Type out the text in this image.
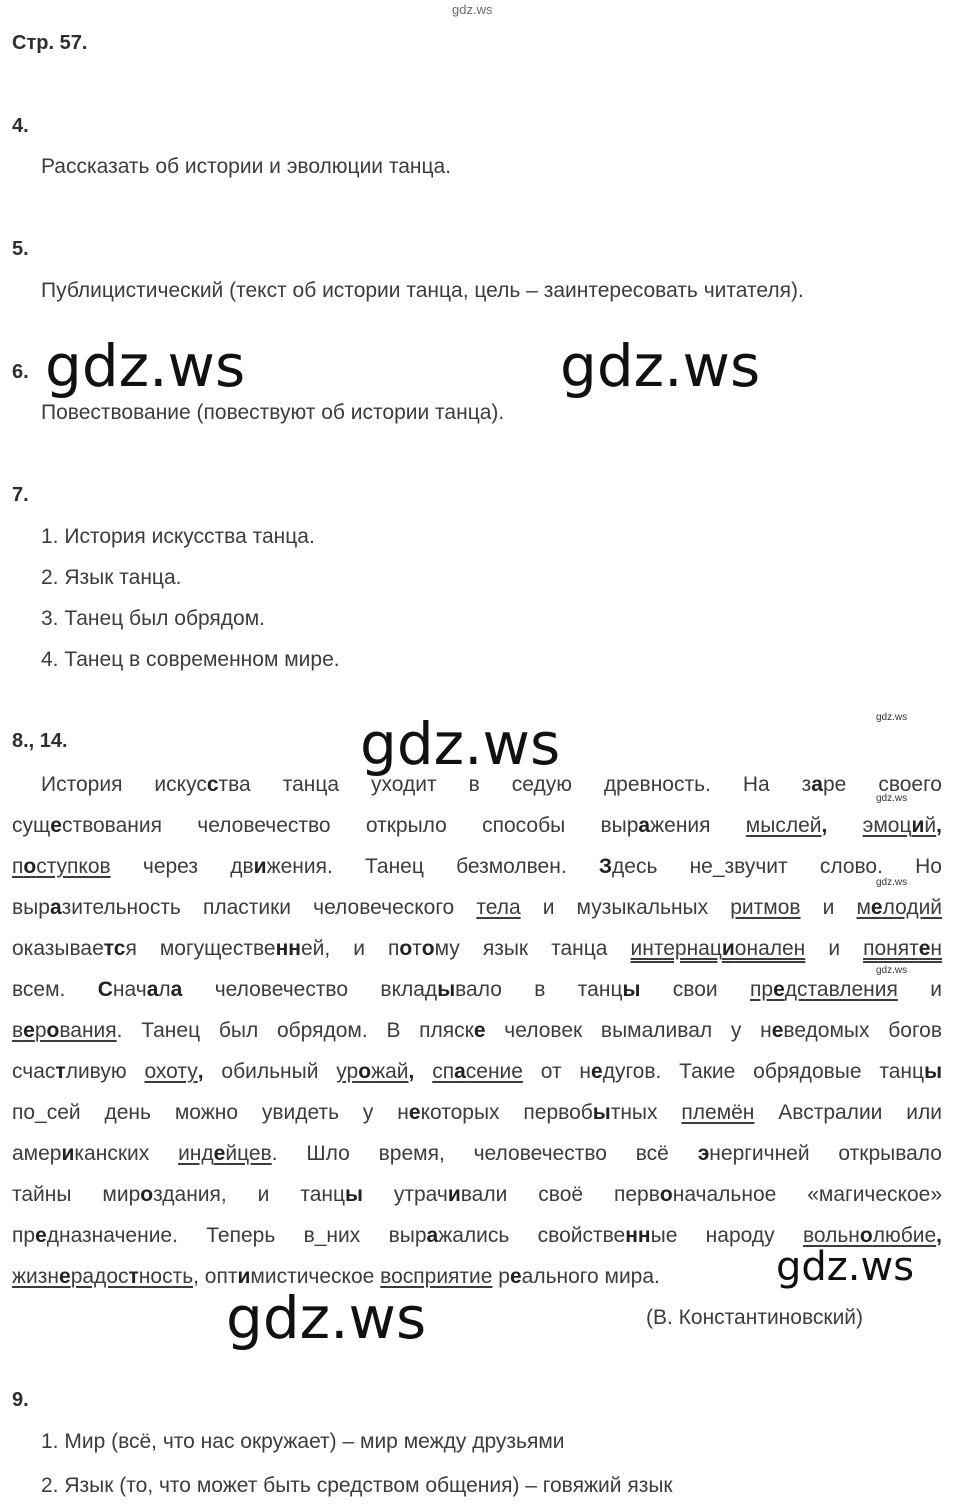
gdz.ws
Стр. 57.
4.
Рассказать об истории и эволюции танца.
5.
Публицистический (текст об истории танца, цель – заинтересовать читателя).
6.
Повествование (повествуют об истории танца).
7.
1. История искусства танца.
2. Язык танца.
3. Танец был обрядом.
4. Танец в современном мире.
8., 14.
История искусства танца уходит в седую древность. На заре своего
существования человечество открыло способы выражения мыслей, эмоций,
поступков через движения. Танец безмолвен. Здесь не_звучит слово. Но
выразительность пластики человеческого тела и музыкальных ритмов и мелодий
оказывается могущественней, и потому язык танца интернационален и понятен
всем. Сначала человечество вкладывало в танцы свои представления и
верования. Танец был обрядом. В пляске человек вымаливал у неведомых богов
счастливую охоту, обильный урожай, спасение от недугов. Такие обрядовые танцы
по_сей день можно увидеть у некоторых первобытных племён Австралии или
американских индейцев. Шло время, человечество всё энергичней открывало
тайны мироздания, и танцы утрачивали своё первоначальное «магическое»
предназначение. Теперь в_них выражались свойственные народу вольнолюбие,
жизнерадостность, оптимистическое восприятие реального мира.
(В. Константиновский)
9.
1. Мир (всё, что нас окружает) – мир между друзьями
2. Язык (то, что может быть средством общения) – говяжий язык
gdz.ws	gdz.ws
gdz.ws
gdz.ws
gdz.ws
gdz.ws
gdz.ws
gdz.ws
gdz.ws
